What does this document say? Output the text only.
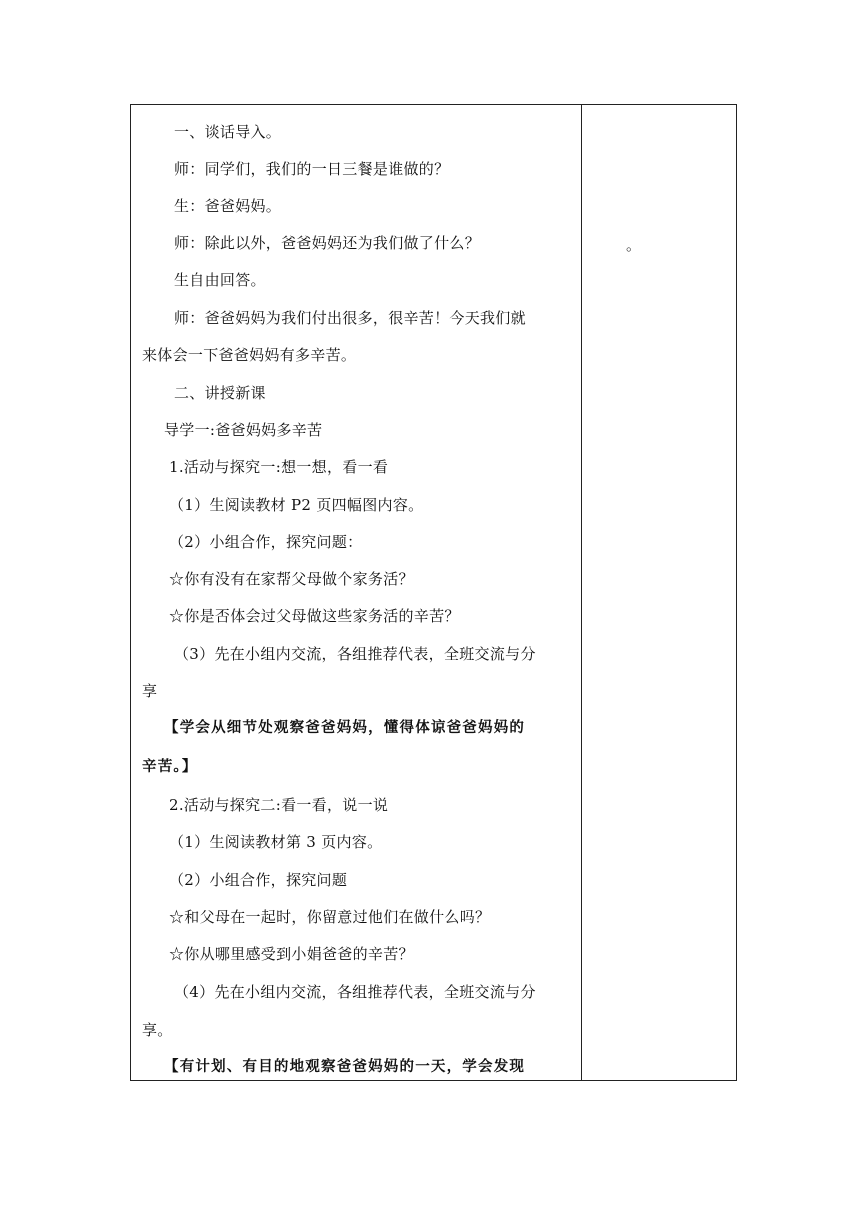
一、谈话导入。
师：同学们，我们的一日三餐是谁做的？
生：爸爸妈妈。
师：除此以外，爸爸妈妈还为我们做了什么？
生自由回答。
师：爸爸妈妈为我们付出很多，很辛苦！今天我们就
来体会一下爸爸妈妈有多辛苦。
二、讲授新课
导学一:爸爸妈妈多辛苦
1.活动与探究一:想一想，看一看
（1）生阅读教材 P2 页四幅图内容。
（2）小组合作，探究问题：
☆你有没有在家帮父母做个家务活？
☆你是否体会过父母做这些家务活的辛苦？
（3）先在小组内交流，各组推荐代表，全班交流与分
享
【学会从细节处观察爸爸妈妈，懂得体谅爸爸妈妈的
辛苦。】
2.活动与探究二:看一看，说一说
（1）生阅读教材第 3 页内容。
（2）小组合作，探究问题
☆和父母在一起时，你留意过他们在做什么吗？
☆你从哪里感受到小娟爸爸的辛苦？
（4）先在小组内交流，各组推荐代表，全班交流与分
享。
【有计划、有目的地观察爸爸妈妈的一天，学会发现
。
